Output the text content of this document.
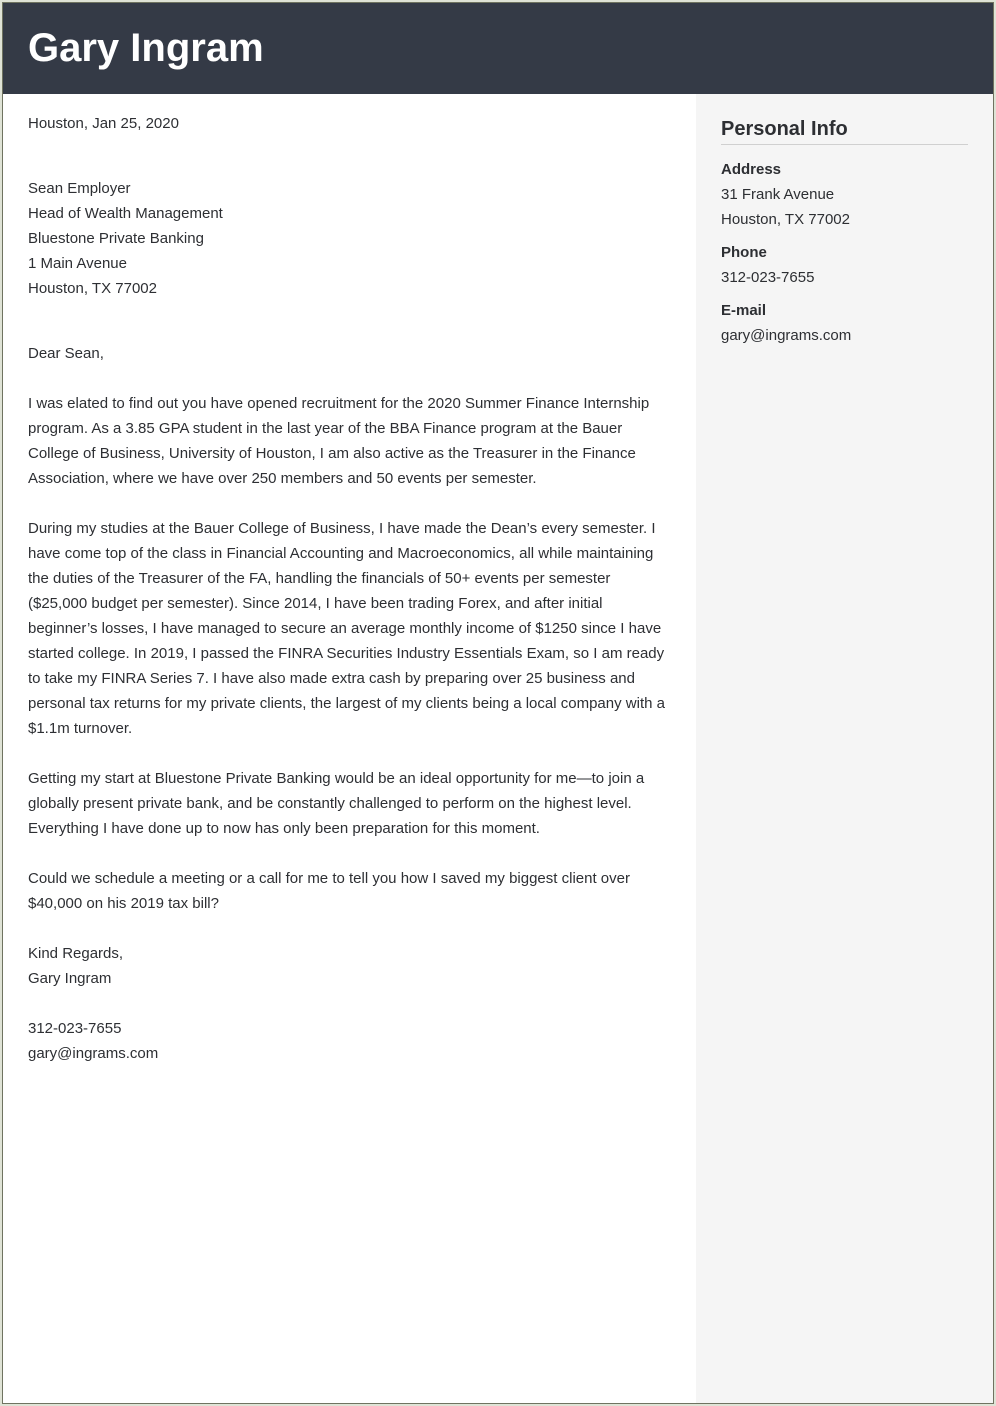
Gary Ingram

Houston, Jan 25, 2020

Sean Employer

Head of Wealth Management

Bluestone Private Banking

1 Main Avenue

Houston, TX 77002

Dear Sean,

I was elated to find out you have opened recruitment for the 2020 Summer Finance Internship program. As a 3.85 GPA student in the last year of the BBA Finance program at the Bauer College of Business, University of Houston, I am also active as the Treasurer in the Finance Association, where we have over 250 members and 50 events per semester.

During my studies at the Bauer College of Business, I have made the Dean’s every semester. I have come top of the class in Financial Accounting and Macroeconomics, all while maintaining the duties of the Treasurer of the FA, handling the financials of 50+ events per semester ($25,000 budget per semester). Since 2014, I have been trading Forex, and after initial beginner’s losses, I have managed to secure an average monthly income of $1250 since I have started college. In 2019, I passed the FINRA Securities Industry Essentials Exam, so I am ready to take my FINRA Series 7. I have also made extra cash by preparing over 25 business and personal tax returns for my private clients, the largest of my clients being a local company with a $1.1m turnover.

Getting my start at Bluestone Private Banking would be an ideal opportunity for me—to join a globally present private bank, and be constantly challenged to perform on the highest level. Everything I have done up to now has only been preparation for this moment.

Could we schedule a meeting or a call for me to tell you how I saved my biggest client over $40,000 on his 2019 tax bill?

Kind Regards,

Gary Ingram

312-023-7655

gary@ingrams.com

Personal Info
Address
31 Frank Avenue
Houston, TX 77002
Phone
312-023-7655
E-mail
gary@ingrams.com
